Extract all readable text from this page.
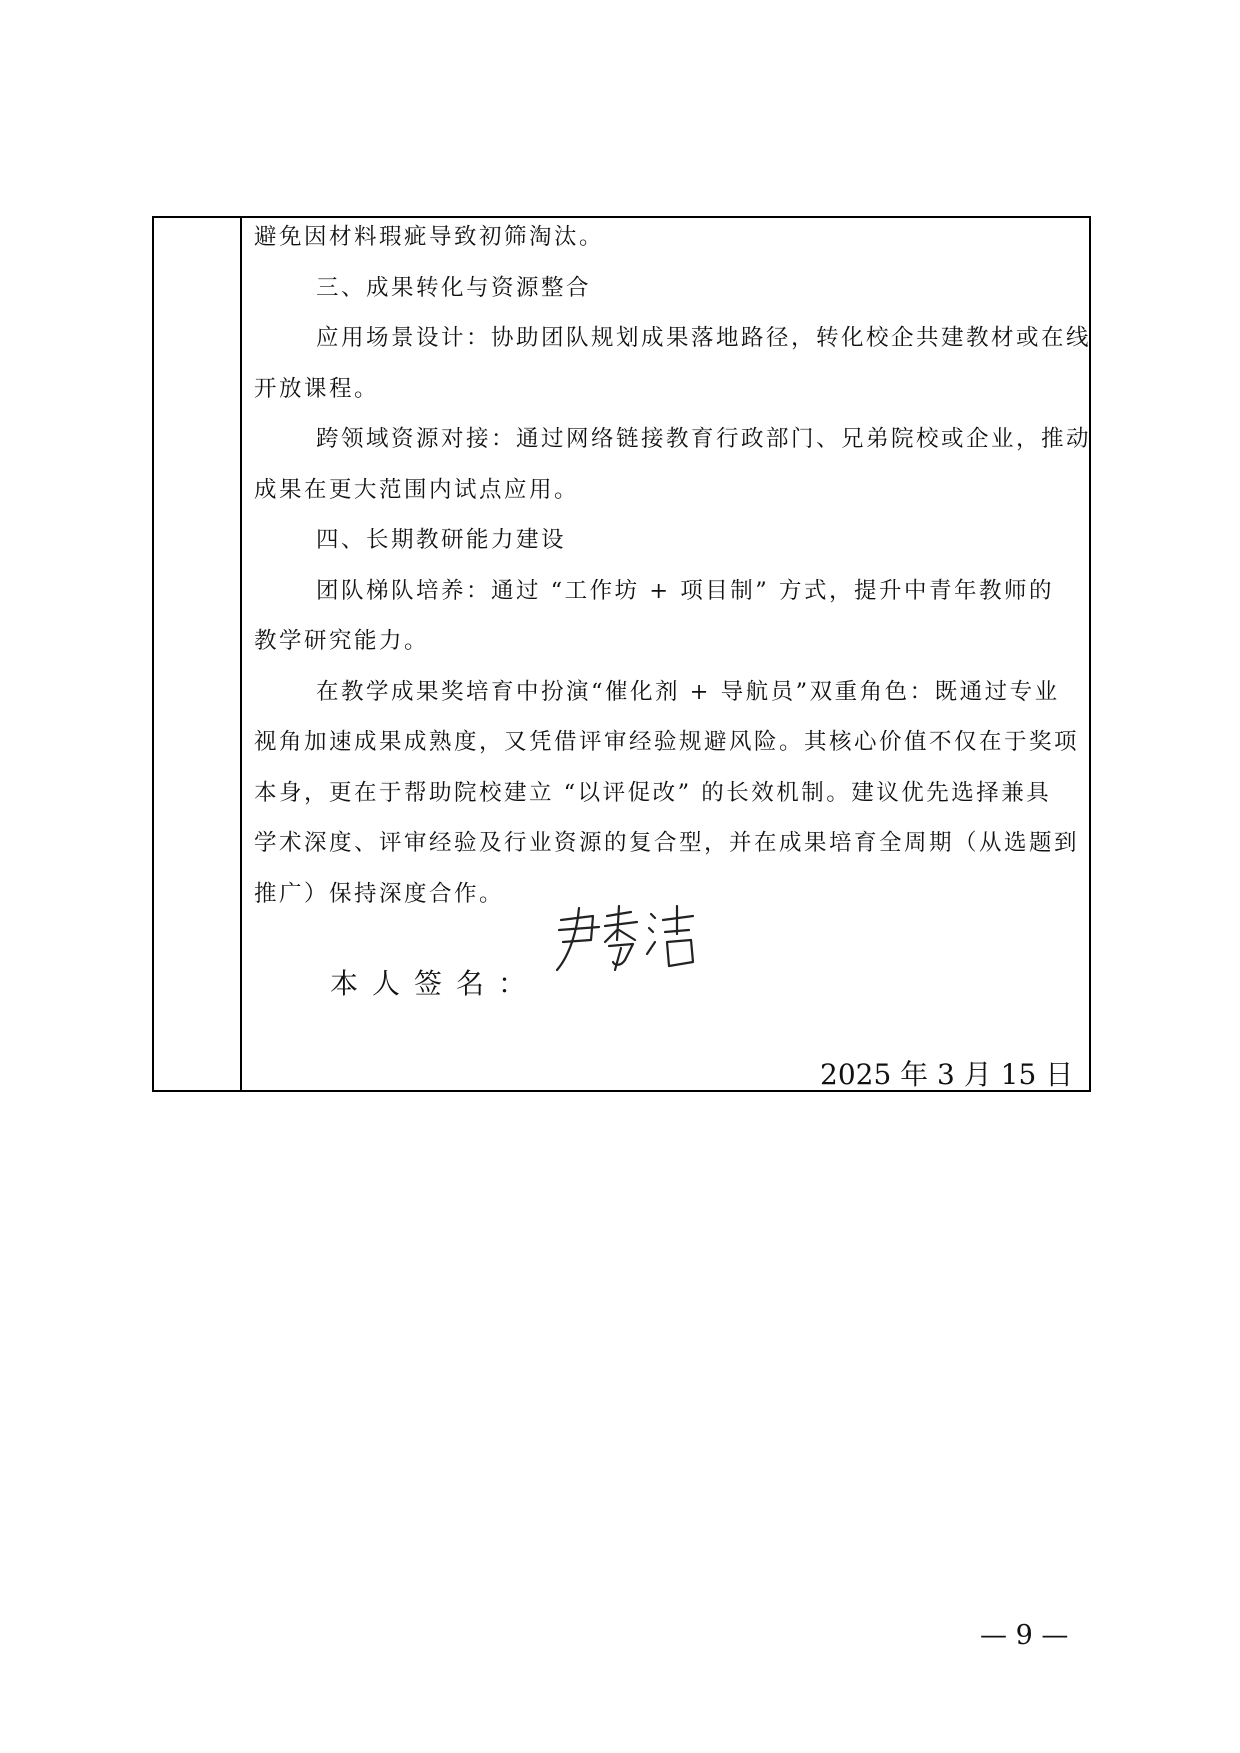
避免因材料瑕疵导致初筛淘汰。
三、成果转化与资源整合
应用场景设计：协助团队规划成果落地路径，转化校企共建教材或在线
开放课程。
跨领域资源对接：通过网络链接教育行政部门、兄弟院校或企业，推动
成果在更大范围内试点应用。
四、长期教研能力建设
团队梯队培养：通过 “工作坊 + 项目制” 方式，提升中青年教师的
教学研究能力。
在教学成果奖培育中扮演“催化剂 + 导航员”双重角色：既通过专业
视角加速成果成熟度，又凭借评审经验规避风险。其核心价值不仅在于奖项
本身，更在于帮助院校建立 “以评促改” 的长效机制。建议优先选择兼具
学术深度、评审经验及行业资源的复合型，并在成果培育全周期（从选题到
推广）保持深度合作。
本人签名：
2025 年 3 月 15 日
— 9 —
